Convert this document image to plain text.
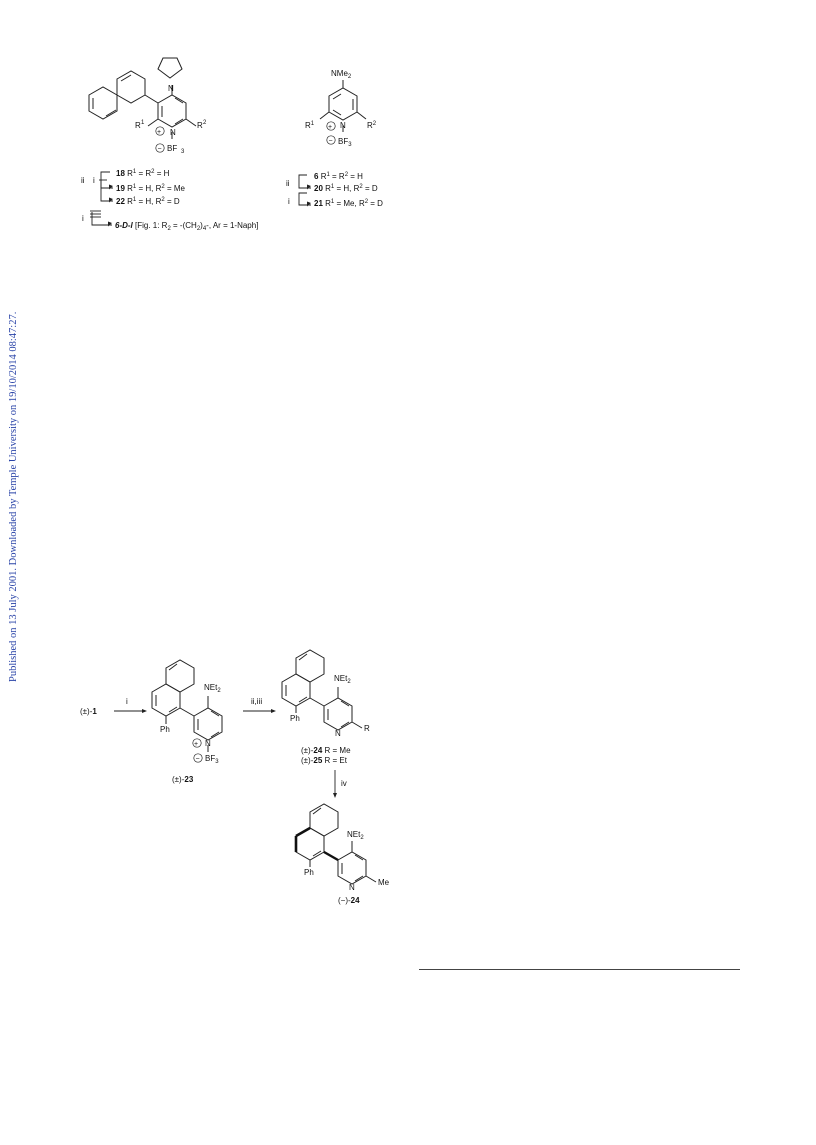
Published on 13 July 2001. Downloaded by Temple University on 19/10/2014 08:47:27.
N
N
+
R 1	R 2
− BF 3
ii i
i
18 $R^1 = R^2 = H$
19 $R^1 = H$, $R^2 = Me$
22 $R^1 = H$, $R^2 = D$
6-D-l [Fig. 1: $R_2 = -(CH_2)_4-$, Ar = 1-Naph]
NMe$_2$
N
+
$R^1$	$R^2$
− $BF_3$
ii
i
6 $R^1 = R^2 = H$
20 $R^1 = H$, $R^2 = D$
21 $R^1 = Me$, $R^2 = D$
(±)-1
i
NEt$_2$
Ph
N
+
− $BF_3$
(±)-23
ii,iii
NEt$_2$
Ph
N
R
(±)-24 R = Me
(±)-25 R = Et
iv
NEt$_2$
Ph
N
Me
(−)-24
